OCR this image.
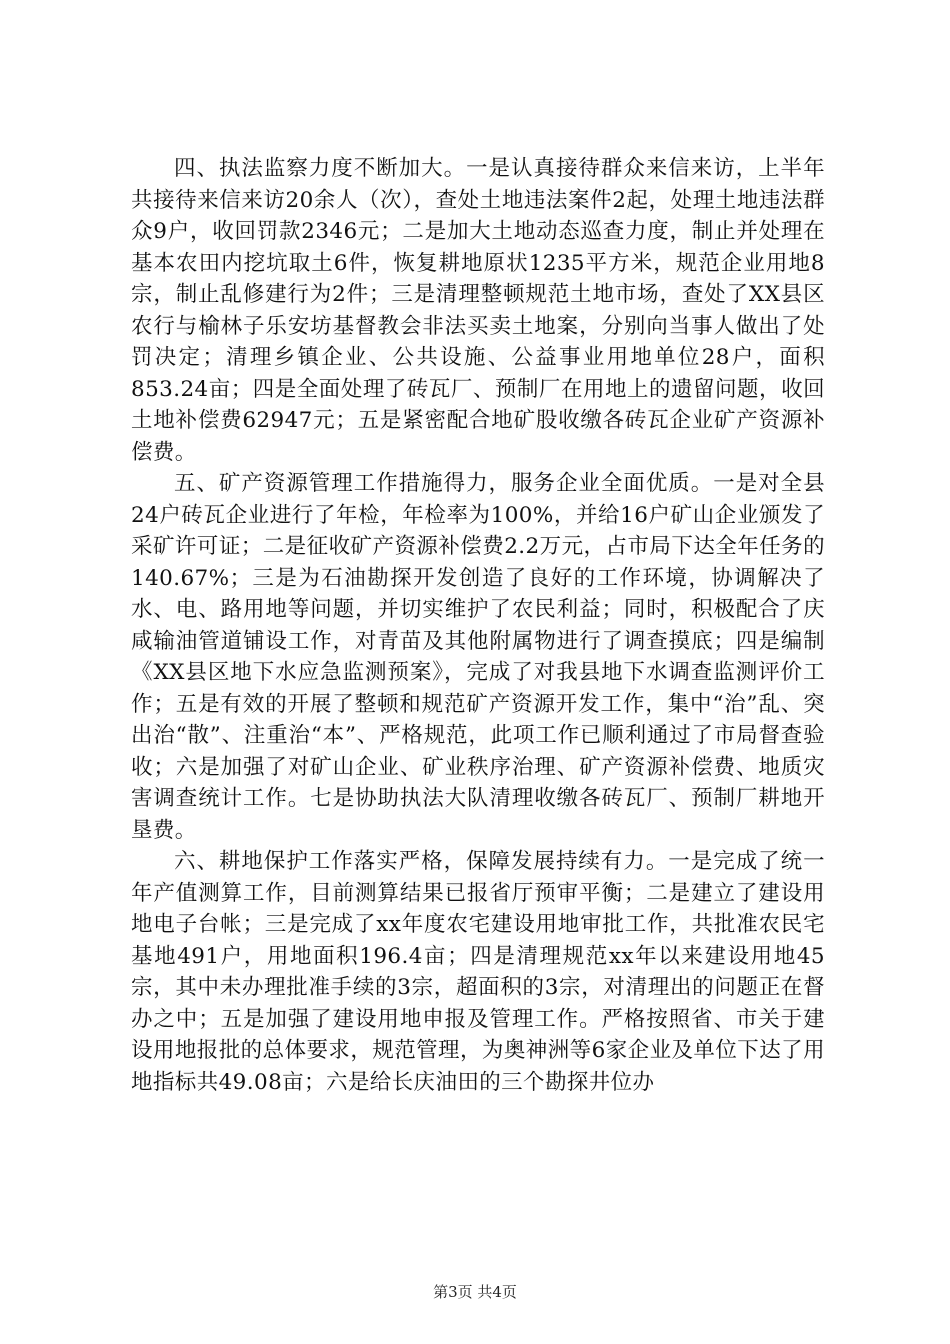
四、执法监察力度不断加大。一是认真接待群众来信来访，上半年共接待来信来访20余人（次），查处土地违法案件2起，处理土地违法群众9户，收回罚款2346元；二是加大土地动态巡查力度，制止并处理在基本农田内挖坑取土6件，恢复耕地原状1235平方米，规范企业用地8宗，制止乱修建行为2件；三是清理整顿规范土地市场，查处了XX县区农行与榆林子乐安坊基督教会非法买卖土地案，分别向当事人做出了处罚决定；清理乡镇企业、公共设施、公益事业用地单位28户，面积853.24亩；四是全面处理了砖瓦厂、预制厂在用地上的遗留问题，收回土地补偿费62947元；五是紧密配合地矿股收缴各砖瓦企业矿产资源补偿费。

五、矿产资源管理工作措施得力，服务企业全面优质。一是对全县24户砖瓦企业进行了年检，年检率为100%，并给16户矿山企业颁发了采矿许可证；二是征收矿产资源补偿费2.2万元，占市局下达全年任务的140.67%；三是为石油勘探开发创造了良好的工作环境，协调解决了水、电、路用地等问题，并切实维护了农民利益；同时，积极配合了庆咸输油管道铺设工作，对青苗及其他附属物进行了调查摸底；四是编制《XX县区地下水应急监测预案》，完成了对我县地下水调查监测评价工作；五是有效的开展了整顿和规范矿产资源开发工作，集中“治”乱、突出治“散”、注重治“本”、严格规范，此项工作已顺利通过了市局督查验收；六是加强了对矿山企业、矿业秩序治理、矿产资源补偿费、地质灾害调查统计工作。七是协助执法大队清理收缴各砖瓦厂、预制厂耕地开垦费。

六、耕地保护工作落实严格，保障发展持续有力。一是完成了统一年产值测算工作，目前测算结果已报省厅预审平衡；二是建立了建设用地电子台帐；三是完成了xx年度农宅建设用地审批工作，共批准农民宅基地491户，用地面积196.4亩；四是清理规范xx年以来建设用地45宗，其中未办理批准手续的3宗，超面积的3宗，对清理出的问题正在督办之中；五是加强了建设用地申报及管理工作。严格按照省、市关于建设用地报批的总体要求，规范管理，为奥神洲等6家企业及单位下达了用地指标共49.08亩；六是给长庆油田的三个勘探井位办

第3页 共4页
